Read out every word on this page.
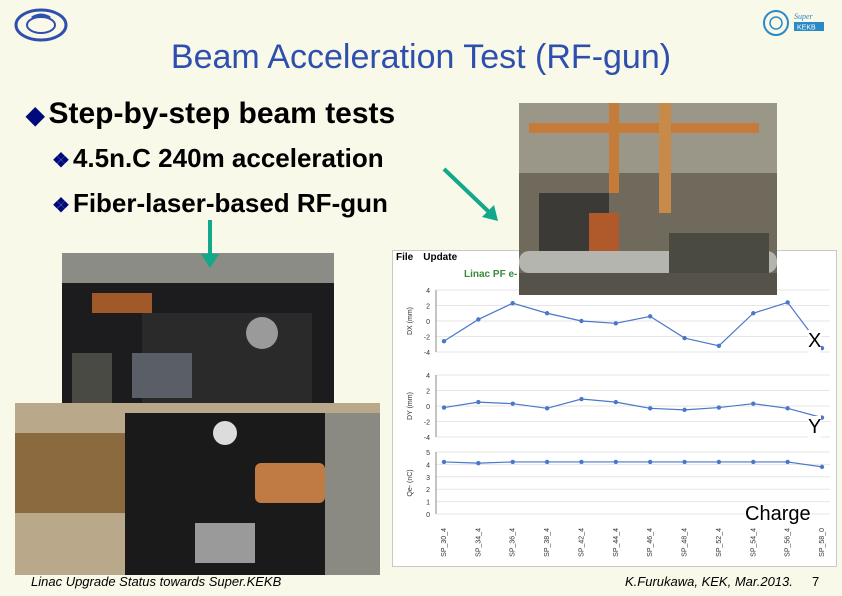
Super
KEKB
Beam Acceleration Test (RF-gun)
◆ Step-by-step beam tests
❖ 4.5n.C 240m acceleration
❖ Fiber-laser-based RF-gun
File Update
Linac PF e-
4
2
0
-2
-4
DX (mm)
4
2
0
-2
-4
DY (mm)
5
4
3
2
1
0
Qe- (nC)
SP_30_4	SP_34_4	SP_36_4	SP_38_4	SP_42_4	SP_44_4	SP_46_4	SP_48_4	SP_52_4	SP_54_4	SP_56_4	SP_58_0
X
Y
Charge
Linac Upgrade Status towards Super.KEKB	K.Furukawa, KEK, Mar.2013. 7
